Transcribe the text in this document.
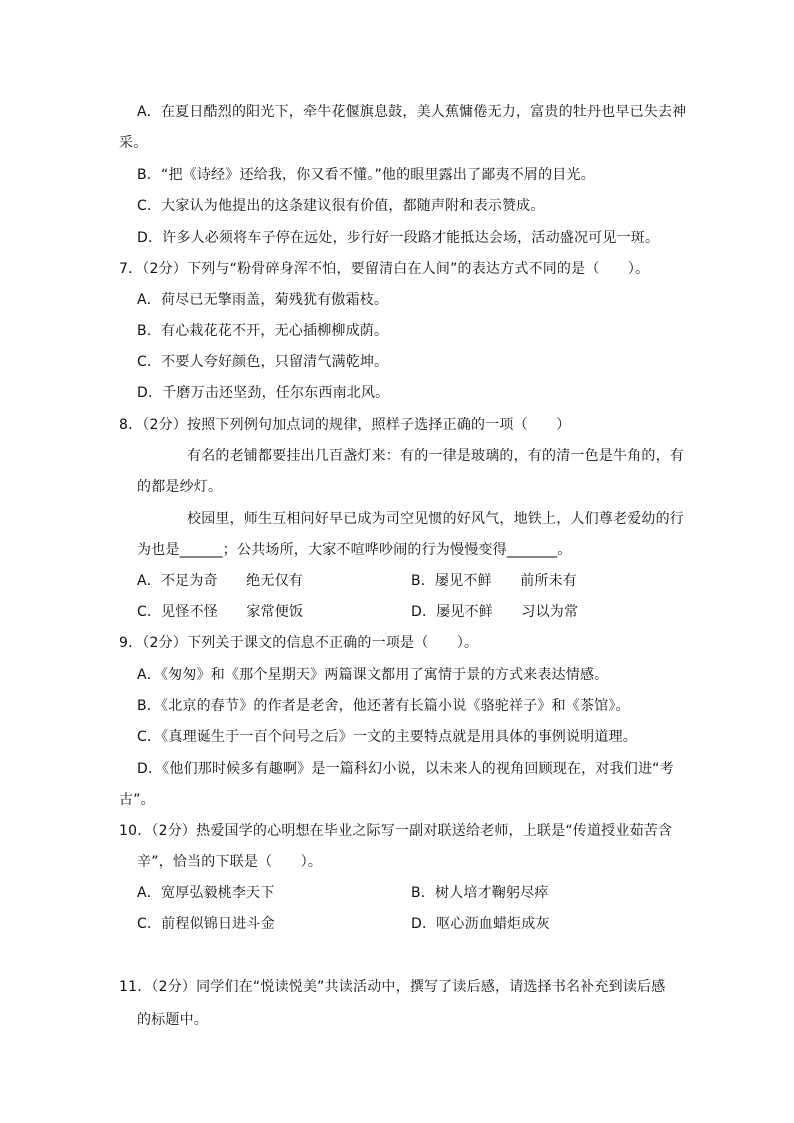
A．在夏日酷烈的阳光下，牵牛花偃旗息鼓，美人蕉慵倦无力，富贵的牡丹也早已失去神
采。
B．“把《诗经》还给我，你又看不懂。”他的眼里露出了鄙夷不屑的目光。
C．大家认为他提出的这条建议很有价值，都随声附和表示赞成。
D．许多人必须将车子停在远处，步行好一段路才能抵达会场，活动盛况可见一斑。
7．（2分）下列与“粉骨碎身浑不怕，要留清白在人间”的表达方式不同的是（　　）。
A．荷尽已无擎雨盖，菊残犹有傲霜枝。
B．有心栽花花不开，无心插柳柳成荫。
C．不要人夸好颜色，只留清气满乾坤。
D．千磨万击还坚劲，任尔东西南北风。
8．（2分）按照下列例句加点词的规律，照样子选择正确的一项（　　）
有名的老铺都要挂出几百盏灯来：有的一律是玻璃的，有的清一色是牛角的，有
的都是纱灯。
校园里，师生互相问好早已成为司空见惯的好风气，地铁上，人们尊老爱幼的行
为也是______；公共场所，大家不喧哗吵闹的行为慢慢变得_______。
A．不足为奇　　绝无仅有	B．屡见不鲜　　前所未有
C．见怪不怪　　家常便饭	D．屡见不鲜　　习以为常
9．（2分）下列关于课文的信息不正确的一项是（　　）。
A．《匆匆》和《那个星期天》两篇课文都用了寓情于景的方式来表达情感。
B．《北京的春节》的作者是老舍，他还著有长篇小说《骆驼祥子》和《茶馆》。
C．《真理诞生于一百个问号之后》一文的主要特点就是用具体的事例说明道理。
D．《他们那时候多有趣啊》是一篇科幻小说，以未来人的视角回顾现在，对我们进“考
古”。
10．（2分）热爱国学的心明想在毕业之际写一副对联送给老师，上联是“传道授业茹苦含
辛”，恰当的下联是（　　）。
A．宽厚弘毅桃李天下	B．树人培才鞠躬尽瘁
C．前程似锦日进斗金	D．呕心沥血蜡炬成灰
11．（2分）同学们在“悦读悦美”共读活动中，撰写了读后感，请选择书名补充到读后感
的标题中。
